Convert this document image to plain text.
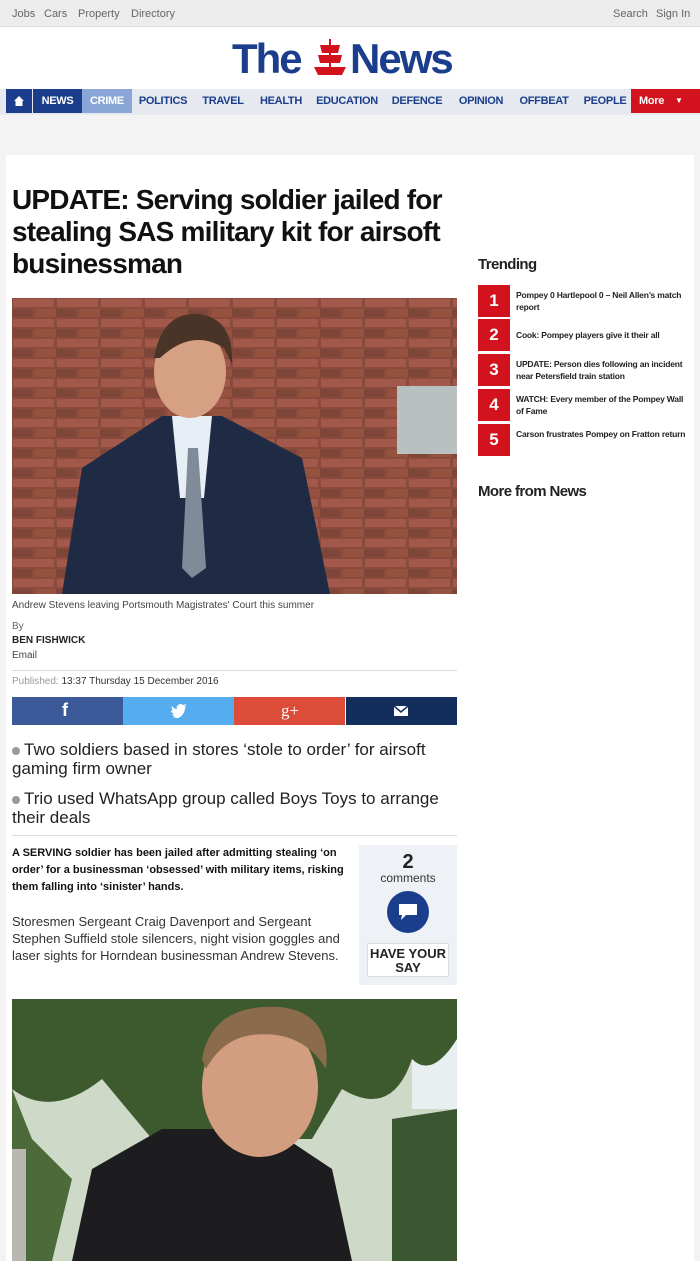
Jobs Cars Property Directory	Search Sign In
The News
NEWS	CRIME	POLITICS	TRAVEL	HEALTH	EDUCATION	DEFENCE	OPINION	OFFBEAT	PEOPLE	More ▼
UPDATE: Serving soldier jailed for stealing SAS military kit for airsoft businessman
Andrew Stevens leaving Portsmouth Magistrates' Court this summer
By
BEN FISHWICK
Email
Published: 13:37 Thursday 15 December 2016
f	g+
Two soldiers based in stores ‘stole to order’ for airsoft gaming firm owner
Trio used WhatsApp group called Boys Toys to arrange their deals
A SERVING soldier has been jailed after admitting stealing ‘on order’ for a businessman ‘obsessed’ with military items, risking them falling into ‘sinister’ hands.
Storesmen Sergeant Craig Davenport and Sergeant Stephen Suffield stole silencers, night vision goggles and laser sights for Horndean businessman Andrew Stevens.
2
comments
HAVE YOUR SAY
Trending
1	Pompey 0 Hartlepool 0 – Neil Allen’s match report
2	Cook: Pompey players give it their all
3	UPDATE: Person dies following an incident near Petersfield train station
4	WATCH: Every member of the Pompey Wall of Fame
5	Carson frustrates Pompey on Fratton return
More from News
